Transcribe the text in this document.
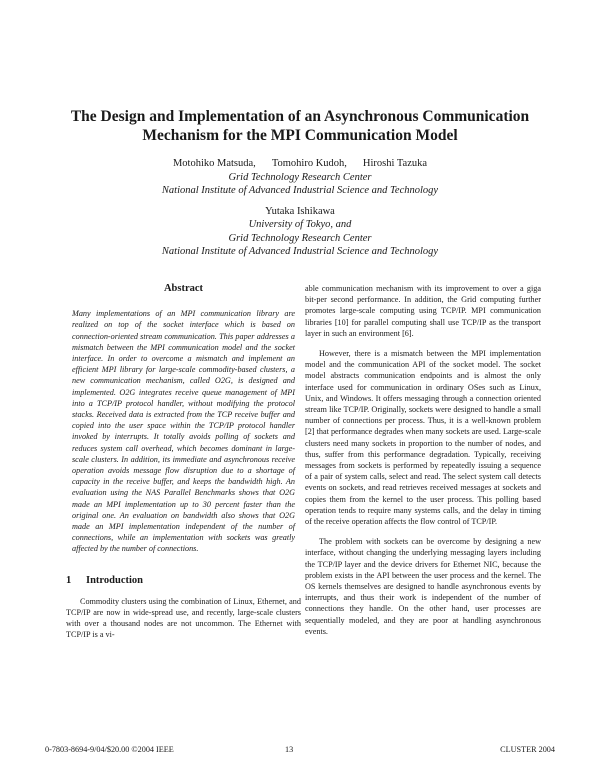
The Design and Implementation of an Asynchronous Communication
Mechanism for the MPI Communication Model
Motohiko Matsuda, Tomohiro Kudoh, Hiroshi Tazuka
Grid Technology Research Center
National Institute of Advanced Industrial Science and Technology
Yutaka Ishikawa
University of Tokyo, and
Grid Technology Research Center
National Institute of Advanced Industrial Science and Technology
Abstract
Many implementations of an MPI communication library are realized on top of the socket interface which is based on connection-oriented stream communication. This paper addresses a mismatch between the MPI communication model and the socket interface. In order to overcome a mismatch and implement an efficient MPI library for large-scale commodity-based clusters, a new communication mechanism, called O2G, is designed and implemented. O2G integrates receive queue management of MPI into a TCP/IP protocol handler, without modifying the protocol stacks. Received data is extracted from the TCP receive buffer and copied into the user space within the TCP/IP protocol handler invoked by interrupts. It totally avoids polling of sockets and reduces system call overhead, which becomes dominant in large-scale clusters. In addition, its immediate and asynchronous receive operation avoids message flow disruption due to a shortage of capacity in the receive buffer, and keeps the bandwidth high. An evaluation using the NAS Parallel Benchmarks shows that O2G made an MPI implementation up to 30 percent faster than the original one. An evaluation on bandwidth also shows that O2G made an MPI implementation independent of the number of connections, while an implementation with sockets was greatly affected by the number of connections.
1 Introduction

Commodity clusters using the combination of Linux, Ethernet, and TCP/IP are now in wide-spread use, and recently, large-scale clusters with over a thousand nodes are not uncommon. The Ethernet with TCP/IP is a vi-

able communication mechanism with its improvement to over a giga bit-per second performance. In addition, the Grid computing further promotes large-scale computing using TCP/IP. MPI communication libraries [10] for parallel computing shall use TCP/IP as the transport layer in such an environment [6].

However, there is a mismatch between the MPI implementation model and the communication API of the socket model. The socket model abstracts communication endpoints and is almost the only interface used for communication in ordinary OSes such as Linux, Unix, and Windows. It offers messaging through a connection oriented stream like TCP/IP. Originally, sockets were designed to handle a small number of connections per process. Thus, it is a well-known problem [2] that performance degrades when many sockets are used. Large-scale clusters need many sockets in proportion to the number of nodes, and thus, suffer from this performance degradation. Typically, receiving messages from sockets is performed by repeatedly issuing a sequence of a pair of system calls, select and read. The select system call detects events on sockets, and read retrieves received messages at sockets and copies them from the kernel to the user process. This polling based operation tends to require many systems calls, and the delay in timing of the receive operation affects the flow control of TCP/IP.

The problem with sockets can be overcome by designing a new interface, without changing the underlying messaging layers including the TCP/IP layer and the device drivers for Ethernet NIC, because the problem exists in the API between the user process and the kernel. The OS kernels themselves are designed to handle asynchronous events by interrupts, and thus their work is independent of the number of connections they handle. On the other hand, user processes are sequentially modeled, and they are poor at handling asynchronous events.

0-7803-8694-9/04/$20.00 ©2004 IEEE	13	CLUSTER 2004
